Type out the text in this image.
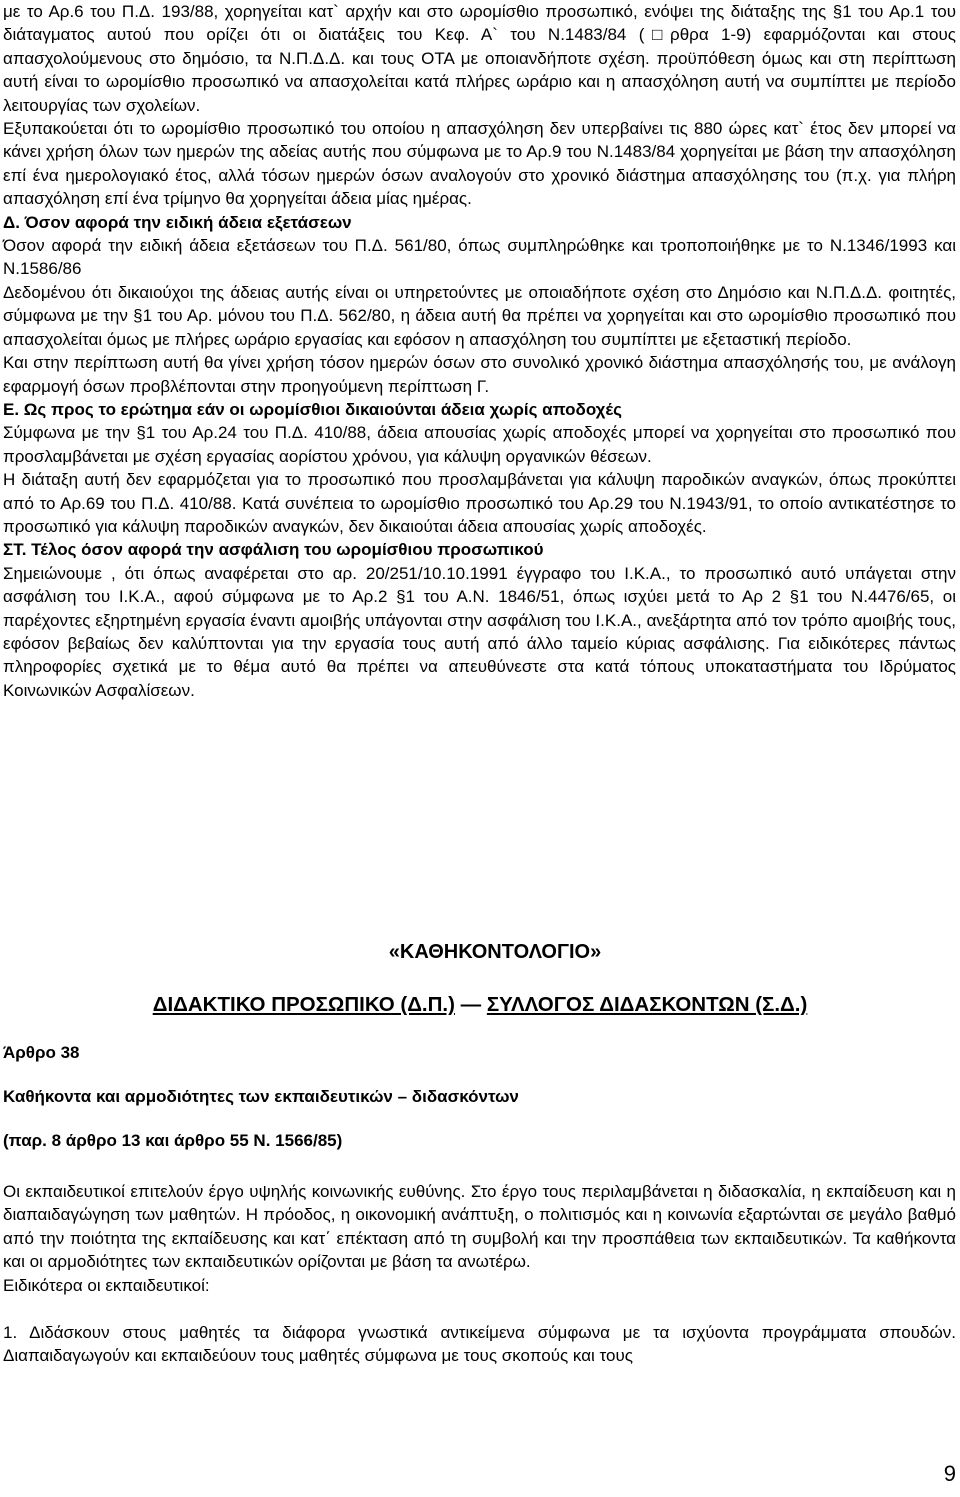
με το Αρ.6 του Π.Δ. 193/88, χορηγείται κατ` αρχήν και στο ωρομίσθιο προσωπικό, ενόψει της διάταξης της §1 του Αρ.1 του διάταγματος αυτού που ορίζει ότι οι διατάξεις του Κεφ. Α` του Ν.1483/84 (□ρθρα 1-9) εφαρμόζονται και στους απασχολούμενους στο δημόσιο, τα Ν.Π.Δ.Δ. και τους ΟΤΑ με οποιανδήποτε σχέση. προϋπόθεση όμως και στη περίπτωση αυτή είναι το ωρομίσθιο προσωπικό να απασχολείται κατά πλήρες ωράριο και η απασχόληση αυτή να συμπίπτει με περίοδο λειτουργίας των σχολείων.

Εξυπακούεται ότι το ωρομίσθιο προσωπικό του οποίου η απασχόληση δεν υπερβαίνει τις 880 ώρες κατ` έτος δεν μπορεί να κάνει χρήση όλων των ημερών της αδείας αυτής που σύμφωνα με το Αρ.9 του Ν.1483/84 χορηγείται με βάση την απασχόληση επί ένα ημερολογιακό έτος, αλλά τόσων ημερών όσων αναλογούν στο χρονικό διάστημα απασχόλησης του (π.χ. για πλήρη απασχόληση επί ένα τρίμηνο θα χορηγείται άδεια μίας ημέρας.

Δ. Όσον αφορά την ειδική άδεια εξετάσεων

Όσον αφορά την ειδική άδεια εξετάσεων του Π.Δ. 561/80, όπως συμπληρώθηκε και τροποποιήθηκε με το Ν.1346/1993 και Ν.1586/86

Δεδομένου ότι δικαιούχοι της άδειας αυτής είναι οι υπηρετούντες με οποιαδήποτε σχέση στο Δημόσιο και Ν.Π.Δ.Δ. φοιτητές, σύμφωνα με την §1 του Αρ. μόνου του Π.Δ. 562/80, η άδεια αυτή θα πρέπει να χορηγείται και στο ωρομίσθιο προσωπικό που απασχολείται όμως με πλήρες ωράριο εργασίας και εφόσον η απασχόληση του συμπίπτει με εξεταστική περίοδο.

Και στην περίπτωση αυτή θα γίνει χρήση τόσον ημερών όσων στο συνολικό χρονικό διάστημα απασχόλησής του, με ανάλογη εφαρμογή όσων προβλέπονται στην προηγούμενη περίπτωση Γ.

Ε. Ως προς το ερώτημα εάν οι ωρομίσθιοι δικαιούνται άδεια χωρίς αποδοχές

Σύμφωνα με την §1 του Αρ.24 του Π.Δ. 410/88, άδεια απουσίας χωρίς αποδοχές μπορεί να χορηγείται στο προσωπικό που προσλαμβάνεται με σχέση εργασίας αορίστου χρόνου, για κάλυψη οργανικών θέσεων.

Η διάταξη αυτή δεν εφαρμόζεται για το προσωπικό που προσλαμβάνεται για κάλυψη παροδικών αναγκών, όπως προκύπτει από το Αρ.69 του Π.Δ. 410/88. Κατά συνέπεια το ωρομίσθιο προσωπικό του Αρ.29 του Ν.1943/91, το οποίο αντικατέστησε το προσωπικό για κάλυψη παροδικών αναγκών, δεν δικαιούται άδεια απουσίας χωρίς αποδοχές.

ΣΤ. Τέλος όσον αφορά την ασφάλιση του ωρομίσθιου προσωπικού

Σημειώνουμε , ότι όπως αναφέρεται στο αρ. 20/251/10.10.1991 έγγραφο του Ι.Κ.Α., το προσωπικό αυτό υπάγεται στην ασφάλιση του Ι.Κ.Α., αφού σύμφωνα με το Αρ.2 §1 του Α.Ν. 1846/51, όπως ισχύει μετά το Αρ 2 §1 του Ν.4476/65, οι παρέχοντες εξηρτημένη εργασία έναντι αμοιβής υπάγονται στην ασφάλιση του Ι.Κ.Α., ανεξάρτητα από τον τρόπο αμοιβής τους, εφόσον βεβαίως δεν καλύπτονται για την εργασία τους αυτή από άλλο ταμείο κύριας ασφάλισης. Για ειδικότερες πάντως πληροφορίες σχετικά με το θέμα αυτό θα πρέπει να απευθύνεστε στα κατά τόπους υποκαταστήματα του Ιδρύματος Κοινωνικών Ασφαλίσεων.

«ΚΑΘΗΚΟΝΤΟΛΟΓΙΟ»
ΔΙΔΑΚΤΙΚΟ ΠΡΟΣΩΠΙΚΟ (Δ.Π.) — ΣΥΛΛΟΓΟΣ ΔΙΔΑΣΚΟΝΤΩΝ (Σ.Δ.)
Άρθρο 38
Καθήκοντα και αρμοδιότητες των εκπαιδευτικών – διδασκόντων
(παρ. 8 άρθρο 13 και άρθρο 55 Ν. 1566/85)

Οι εκπαιδευτικοί επιτελούν έργο υψηλής κοινωνικής ευθύνης. Στο έργο τους περιλαμβάνεται η διδασκαλία, η εκπαίδευση και η διαπαιδαγώγηση των μαθητών. Η πρόοδος, η οικονομική ανάπτυξη, ο πολιτισμός και η κοινωνία εξαρτώνται σε μεγάλο βαθμό από την ποιότητα της εκπαίδευσης και κατ΄ επέκταση από τη συμβολή και την προσπάθεια των εκπαιδευτικών. Τα καθήκοντα και οι αρμοδιότητες των εκπαιδευτικών ορίζονται με βάση τα ανωτέρω.

Ειδικότερα οι εκπαιδευτικοί:

1. Διδάσκουν στους μαθητές τα διάφορα γνωστικά αντικείμενα σύμφωνα με τα ισχύοντα προγράμματα σπουδών. Διαπαιδαγωγούν και εκπαιδεύουν τους μαθητές σύμφωνα με τους σκοπούς και τους

9
